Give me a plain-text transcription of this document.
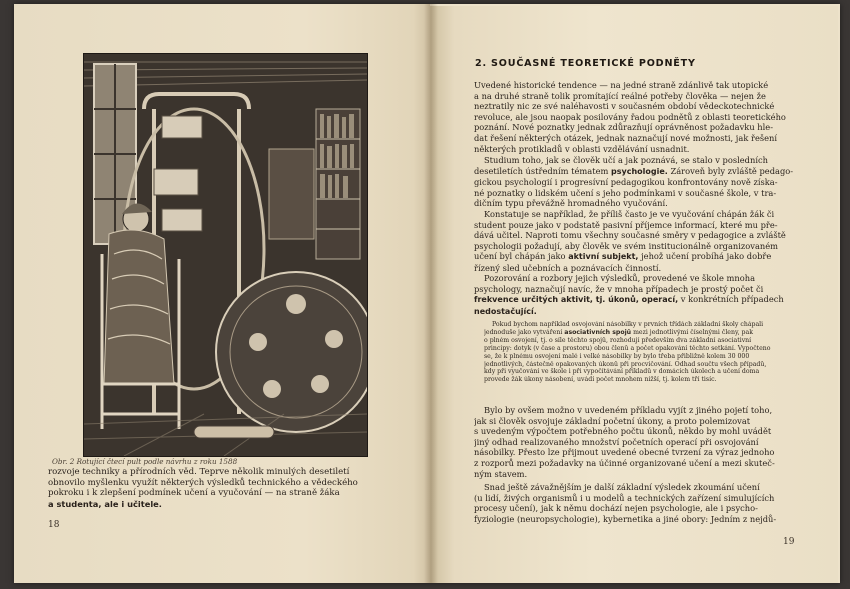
Obr. 2 Rotující čtecí pult podle návrhu z roku 1588
rozvoje techniky a přírodních věd. Teprve několik minulých desetiletí
obnovilo myšlenku využít některých výsledků technického a vědeckého
pokroku i k zlepšení podmínek učení a vyučování — na straně žáka
a studenta, ale i učitele.
18
2. SOUČASNÉ TEORETICKÉ PODNĚTY
Uvedené historické tendence — na jedné straně zdánlivě tak utopické
a na druhé straně tolik promítající reálné potřeby člověka — nejen že
neztratily nic ze své naléhavosti v současném období vědeckotechnické
revoluce, ale jsou naopak posilovány řadou podnětů z oblasti teoretického
poznání. Nové poznatky jednak zdůrazňují oprávněnost požadavku hle-
dat řešení některých otázek, jednak naznačují nové možnosti, jak řešení
některých protikladů v oblasti vzdělávání usnadnit.
Studium toho, jak se člověk učí a jak poznává, se stalo v posledních
desetiletích ústředním tématem psychologie. Zároveň byly zvláště pedago-
gickou psychologií i progresívní pedagogikou konfrontovány nově získa-
né poznatky o lidském učení s jeho podmínkami v současné škole, v tra-
dičním typu převážně hromadného vyučování.
Konstatuje se například, že příliš často je ve vyučování chápán žák či
student pouze jako v podstatě pasivní příjemce informací, které mu pře-
dává učitel. Naproti tomu všechny současné směry v pedagogice a zvláště
psychologii požadují, aby člověk ve svém institucionálně organizovaném
učení byl chápán jako aktivní subjekt, jehož učení probíhá jako dobře
řízený sled učebních a poznávacích činností.
Pozorování a rozbory jejich výsledků, provedené ve škole mnoha
psychology, naznačují navíc, že v mnoha případech je prostý počet či
frekvence určitých aktivit, tj. úkonů, operací, v konkrétních případech
nedostačující.
Pokud bychom například osvojování násobilky v prvních třídách základní školy chápali
jednoduše jako vytváření asociativních spojů mezi jednotlivými číselnými členy, pak
o plném osvojení, tj. o síle těchto spojů, rozhodují především dva základní asociativní
principy: dotyk (v čase a prostoru) obou členů a počet opakování těchto setkání. Vypočteno
se, že k plnému osvojení malé i velké násobilky by bylo třeba přibližně kolem 30 000
jednotlivých, částečně opakovaných úkonů při procvičování. Odhad součtu všech případů,
kdy při vyučování ve škole i při vypočítávání příkladů v domácích úkolech a učení doma
provede žák úkony násobení, uvádí počet mnohem nižší, tj. kolem tří tisíc.
Bylo by ovšem možno v uvedeném příkladu vyjít z jiného pojetí toho,
jak si člověk osvojuje základní početní úkony, a proto polemizovat
s uvedeným výpočtem potřebného počtu úkonů, někdo by mohl uvádět
jiný odhad realizovaného množství početních operací při osvojování
násobilky. Přesto lze přijmout uvedené obecné tvrzení za výraz jednoho
z rozporů mezi požadavky na účinné organizované učení a mezi skuteč-
ným stavem.
Snad ještě závažnějším je další základní výsledek zkoumání učení
(u lidí, živých organismů i u modelů a technických zařízení simulujících
procesy učení), jak k němu dochází nejen psychologie, ale i psycho-
fyziologie (neuropsychologie), kybernetika a jiné obory: Jedním z nejdů-
19
